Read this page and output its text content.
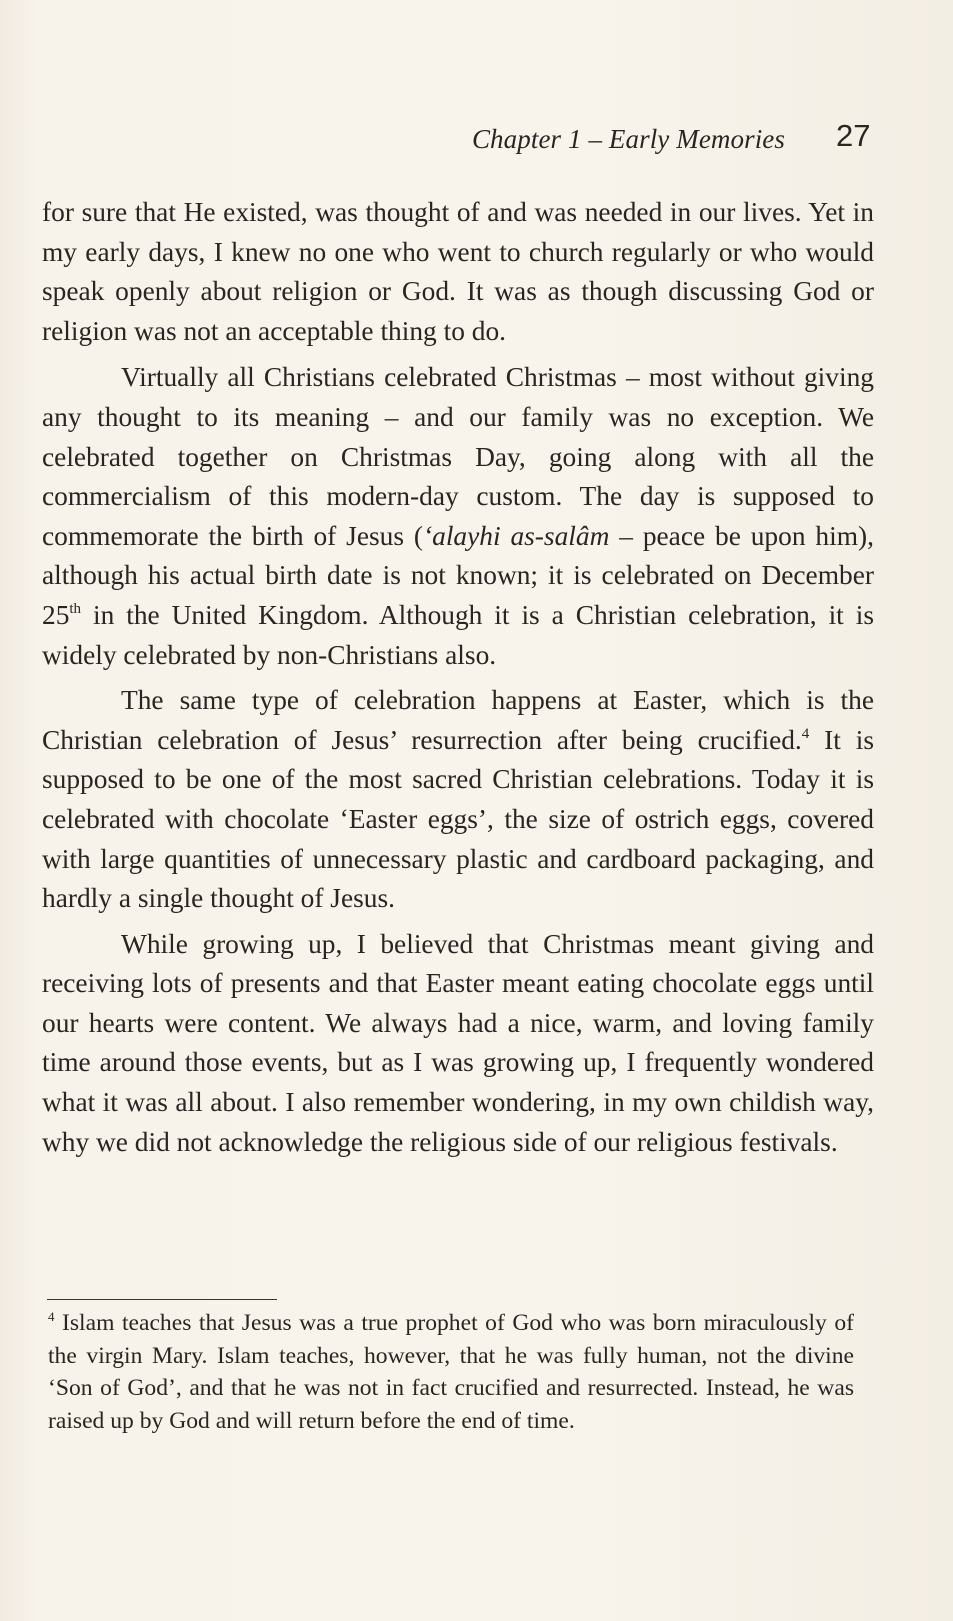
Chapter 1 – Early Memories 27

for sure that He existed, was thought of and was needed in our lives. Yet in my early days, I knew no one who went to church regularly or who would speak openly about religion or God. It was as though discussing God or religion was not an acceptable thing to do.

Virtually all Christians celebrated Christmas – most without giving any thought to its meaning – and our family was no exception. We celebrated together on Christmas Day, going along with all the commercialism of this modern-day custom. The day is supposed to commemorate the birth of Jesus (‘alayhi as-salâm – peace be upon him), although his actual birth date is not known; it is celebrated on December 25th in the United Kingdom. Although it is a Christian celebration, it is widely celebrated by non-Christians also.

The same type of celebration happens at Easter, which is the Christian celebration of Jesus’ resurrection after being crucified.$^4$ It is supposed to be one of the most sacred Christian celebrations. Today it is celebrated with chocolate ‘Easter eggs’, the size of ostrich eggs, covered with large quantities of unnecessary plastic and cardboard packaging, and hardly a single thought of Jesus.

While growing up, I believed that Christmas meant giving and receiving lots of presents and that Easter meant eating chocolate eggs until our hearts were content. We always had a nice, warm, and loving family time around those events, but as I was growing up, I frequently wondered what it was all about. I also remember wondering, in my own childish way, why we did not acknowledge the religious side of our religious festivals.

$^4$ Islam teaches that Jesus was a true prophet of God who was born miraculously of the virgin Mary. Islam teaches, however, that he was fully human, not the divine ‘Son of God’, and that he was not in fact crucified and resurrected. Instead, he was raised up by God and will return before the end of time.
